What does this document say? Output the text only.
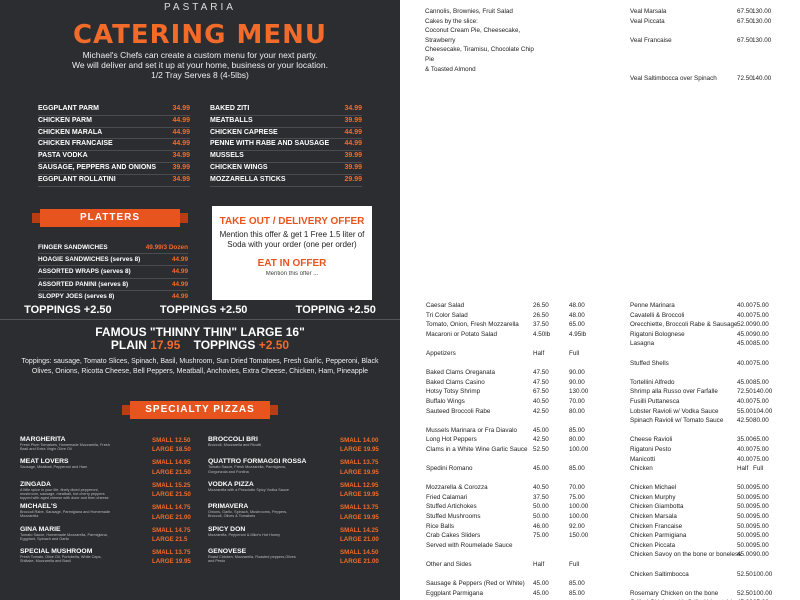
PASTARIA
CATERING MENU
Michael's Chefs can create a custom menu for your next party.
We will deliver and set it up at your home, business or your location.
1/2 Tray Serves 8 (4-5lbs)
EGGPLANT PARM	34.99
CHICKEN PARM	44.99
CHICKEN MARALA	44.99
CHICKEN FRANCAISE	44.99
PASTA VODKA	34.99
SAUSAGE, PEPPERS AND ONIONS 39.99
EGGPLANT ROLLATINI	34.99
BAKED ZITI	34.99
MEATBALLS	39.99
CHICKEN CAPRESE	44.99
PENNE WITH RABE AND SAUSAGE 44.99
MUSSELS	39.99
CHICKEN WINGS	39.99
MOZZARELLA STICKS	29.99
PLATTERS
FINGER SANDWICHES	49.99/3 Dozen
HOAGIE SANDWICHES (serves 8)	44.99
ASSORTED WRAPS (serves 8)	44.99
ASSORTED PANINI (serves 8)	44.99
SLOPPY JOES (serves 8)	44.99
TAKE OUT / DELIVERY OFFER
Mention this offer & get 1 Free 1.5 liter of Soda with your order (one per order)
EAT IN OFFER
Mention this offer ...
Cannolis, Brownies, Fruit Salad
Cakes by the slice:
Coconut Cream Pie, Cheesecake,
Strawberry
Cheesecake, Tiramisu, Chocolate Chip
Pie
& Toasted Almond
Veal Marsala	67.50 130.00
Veal Piccata	67.50 130.00
Veal Francaise	67.50 130.00
Veal Saltimbocca over Spinach	72.50 140.00
TOPPINGS +2.50	TOPPINGS +2.50	TOPPING +2.50
FAMOUS "THINNY THIN" LARGE 16"
PLAIN 17.95 TOPPINGS +2.50
Toppings: sausage, Tomato Slices, Spinach, Basil, Mushroom, Sun Dried Tomatoes, Fresh Garlic, Pepperoni, Black Olives, Onions, Ricotta Cheese, Bell Peppers, Meatball, Anchovies, Extra Cheese, Chicken, Ham, Pineapple
SPECIALTY PIZZAS
MARGHERITA
Fresh Plum Tomatoes, Homemade Mozzarella, Fresh Basil and Extra Virgin Olive Oil
SMALL 12.50
LARGE 18.50
MEAT LOVERS
Sausage, Meatball, Pepperoni and Ham
SMALL 14.95
LARGE 21.50
ZINGADA
A little spice in your life, finely diced pepperoni, mushroom, sausage, meatball, hot cherry peppers topped with aged cheese with done and then cheese
SMALL 15.25
LARGE 21.50
MICHAEL'S
Broccoli Rabe, Sausage, Parmigiana and Homemade Mozzarella
SMALL 14.75
LARGE 21.00
GINA MARIE
Tomato Sauce, Homemade Mozzarella, Parmigiana, Eggplant, Spinach and Garlic
SMALL 14.75
LARGE 21.5
SPECIAL MUSHROOM
Fresh Tomato, Olive Oil, Portobella, White Caps, Shiitake, Mozzarella and Basil
SMALL 13.75
LARGE 19.95
BROCCOLI BRI
Broccoli, Mozzarella and Ricotti
SMALL 14.00
LARGE 19.95
QUATTRO FORMAGGI ROSSA
Tomato Sauce, Fresh Mozzarella, Parmigiana, Gorgonzola and Fontina
SMALL 13.75
LARGE 19.95
VODKA PIZZA
Mozzarella with a Prosciutto Spicy Vodka Sauce
SMALL 12.95
LARGE 19.95
PRIMAVERA
Onions, Garlic, Spinach, Mushrooms, Peppers, Broccoli, Olives & Tomatoes
SMALL 13.75
LARGE 19.95
SPICY DON
Mozzarella, Pepperoni & Mike's Hot Honey
SMALL 14.25
LARGE 21.00
GENOVESE
Roast Chicken, Mozzarella, Roasted peppers,Olives and Pesto
SMALL 14.50
LARGE 21.00
Caesar Salad	26.50	48.00
Tri Color Salad	26.50	48.00
Tomato, Onion, Fresh Mozzarella 37.50	65.00
Macaroni or Potato Salad	4.50lb	4.95lb
Appetizers	Half	Full
Baked Clams Oreganata	47.50	90.00
Baked Clams Casino	47.50	90.00
Hotsy Totsy Shrimp	67.50	130.00
Buffalo Wings	40.50	70.00
Sauteed Broccoli Rabe	42.50	80.00
Mussels Marinara or Fra Diavalo	45.00	85.00
Long Hot Peppers	42.50	80.00
Clams in a White Wine Garlic Sauce 52.50	100.00
Spedini Romano	45.00	85.00
Mozzarella & Corozza	40.50	70.00
Fried Calamari	37.50	75.00
Stuffed Artichokes	50.00	100.00
Stuffed Mushrooms	50.00	100.00
Rice Balls	46.00	92.00
Crab Cakes Sliders	75.00	150.00
Served with Roumelade Sauce
Other and Sides	Half	Full
Sausage & Peppers (Red or White) 45.00	85.00
Eggplant Parmigana	45.00	85.00
Penne Marinara	40.00 75.00
Cavatelli & Broccoli	40.00 75.00
Orecchiette, Broccoli Rabe & Sausage 52.00 90.00
Rigatoni Bolognese	45.00 90.00
Lasagna	45.00 85.00
Stuffed Shells	40.00 75.00
Tortellini Alfredo	45.00 85.00
Shrimp alla Russo over Farfalle	72.50 140.00
Fusilli Puttanesca	40.00 75.00
Lobster Ravioli w/ Vodka Sauce	55.00 104.00
Spinach Ravioli w/ Tomato Sauce 42.50 80.00
Cheese Ravioli	35.00 65.00
Rigatoni Pesto	40.00 75.00
Manicotti	40.00 75.00
Chicken	Half Full
Chicken Michael	50.00 95.00
Chicken Murphy	50.00 95.00
Chicken Giambotta	50.00 95.00
Chicken Marsala	50.00 95.00
Chicken Francaise	50.00 95.00
Chicken Parmigiana	50.00 95.00
Chicken Piccata	50.00 95.00
Chicken Savoy on the bone or boneless
45.00 90.00
Chicken Saltimbocca	52.50 100.00
Rosemary Chicken on the bone	52.50 100.00
